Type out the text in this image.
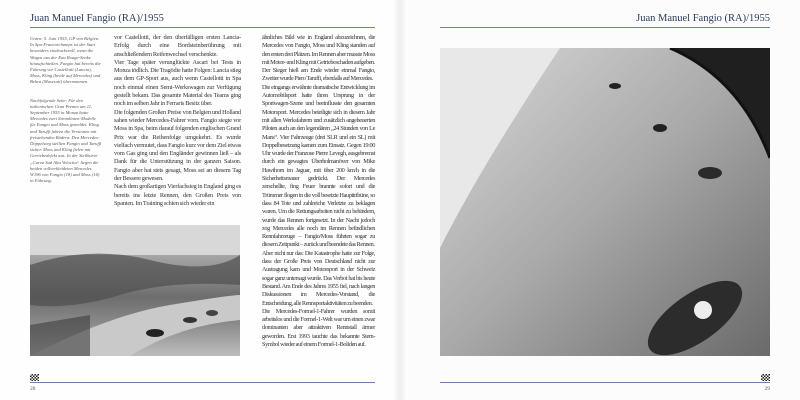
Juan Manuel Fangio (RA)/1955

Unten: 5. Juni 1955, GP von Belgien. In Spa-Francorchamps ist der Start besonders eindrucksvoll, wenn die Wagen aus der Eau Rouge-Senke hinaufschießen. Fangio hat bereits die Führung vor Castellotti (Lancia), Moss, Kling (beide auf Mercedes) und Behra (Maserati) übernommen.

Nachfolgende Seite: Für den italienischen Gran Premio am 11. September 1955 in Monza hatte Mercedes zwei Stromlinien-Modelle für Fangio und Moss gemeldet. Kling und Taruffi fuhren die Versionen mit freistehenden Rädern. Den Mercedes-Doppelsieg stellten Fangio und Taruffi sicher. Moss und Kling fielen mit Getriebedefekt aus. In der Steilkurve „Curva Sud Alta Velocita“ liegen die beiden vollverkleideten Mercedes W196 von Fangio (18) und Moss (16) in Führung.

vor Castellotti, der den überfälligen ersten Lancia-Erfolg durch eine Bordsteinberührung mit anschließendem Reifenwechsel verschenkte.

Vier Tage später verunglückte Ascari bei Tests in Monza tödlich. Die Tragödie hatte Folgen: Lancia stieg aus dem GP-Sport aus, auch wenn Castellotti in Spa noch einmal einen Semi-Werkswagen zur Verfügung gestellt bekam. Das gesamte Material des Teams ging noch im selben Jahr in Ferraris Besitz über.

Die folgenden Großen Preise von Belgien und Holland sahen wieder Mercedes-Fahrer vorn. Fangio siegte vor Moss in Spa, beim darauf folgenden englischen Grand Prix war die Reihenfolge umgekehrt. Es wurde vielfach vermutet, dass Fangio kurz vor dem Ziel etwas vom Gas ging und den Engländer gewinnen ließ – als Dank für die Unterstützung in der ganzen Saison. Fangio aber hat stets gesagt, Moss sei an diesem Tag der Bessere gewesen.

Nach dem großartigen Vierfachsieg in England ging es bereits ins letzte Rennen, den Großen Preis von Spanien. Im Training schien sich wieder ein

ähnliches Bild wie in England abzuzeichnen, die Mercedes von Fangio, Moss und Kling standen auf den ersten drei Plätzen. Im Rennen aber musste Moss mit Motor- und Kling mit Getriebeschaden aufgeben. Der Sieger hieß am Ende wieder einmal Fangio, Zweiter wurde Piero Taruffi, ebenfalls auf Mercedes.

Die eingangs erwähnte dramatische Entwicklung im Automobilsport hatte ihren Ursprung in der Sportwagen-Szene und beeinflusste den gesamten Motorsport. Mercedes beteiligte sich in diesem Jahr mit allen Werksfahrern und zusätzlich angeheuerten Piloten auch an den legendären „24 Stunden von Le Mans“. Vier Fahrzeuge (drei SLR und ein SL) mit Doppelbesetzung kamen zum Einsatz. Gegen 19:00 Uhr wurde der Franzose Pierre Levegh, ausgebremst durch ein gewagtes Überholmanöver von Mike Hawthorn im Jaguar, mit über 200 km/h in die Sicherheitsmauer gedrückt. Der Mercedes zerschellte, fing Feuer brannte sofort und die Trümmer flogen in die voll besetzte Haupttribüne, so dass 84 Tote und zahlreiche Verletzte zu beklagen waren. Um die Rettungsarbeiten nicht zu behindern, wurde das Rennen fortgesetzt. In der Nacht jedoch zog Mercedes alle noch im Rennen befindlichen Rennfahrzeuge – Fangio/Moss führten sogar zu diesem Zeitpunkt – zurück und beendete das Rennen.

Aber nicht nur das: Die Katastrophe hatte zur Folge, dass der Große Preis von Deutschland nicht zur Austragung kam und Motorsport in der Schweiz sogar ganz untersagt wurde. Das Verbot hat bis heute Bestand. Am Ende des Jahres 1955 fiel, nach langen Diskussionen im Mercedes-Vorstand, die Entscheidung, alle Rennsportaktivitäten zu beenden.

Die Mercedes-Formel-1-Fahrer wurden somit arbeitslos und die Formel-1-Welt war um einen zwar dominanten aber attraktiven Rennstall ärmer geworden. Erst 1993 tauchte das bekannte Stern-Symbol wieder auf einem Formel-1-Boliden auf.

28
Juan Manuel Fangio (RA)/1955
29
